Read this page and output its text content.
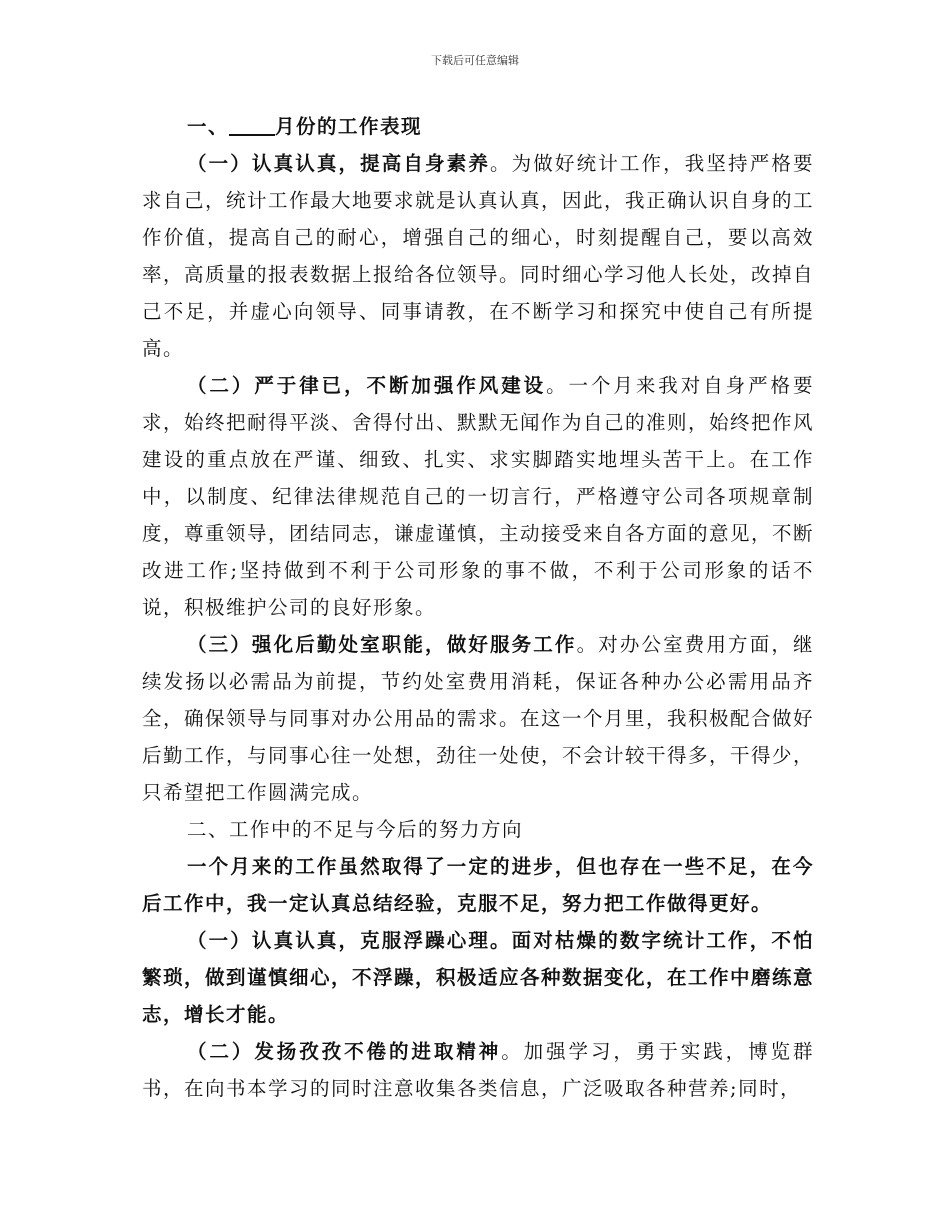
下载后可任意编辑

一、 月份的工作表现

（一）认真认真，提高自身素养。为做好统计工作，我坚持严格要求自己，统计工作最大地要求就是认真认真，因此，我正确认识自身的工作价值，提高自己的耐心，增强自己的细心，时刻提醒自己，要以高效率，高质量的报表数据上报给各位领导。同时细心学习他人长处，改掉自己不足，并虚心向领导、同事请教，在不断学习和探究中使自己有所提高。

（二）严于律已，不断加强作风建设。一个月来我对自身严格要求，始终把耐得平淡、舍得付出、默默无闻作为自己的准则，始终把作风建设的重点放在严谨、细致、扎实、求实脚踏实地埋头苦干上。在工作中，以制度、纪律法律规范自己的一切言行，严格遵守公司各项规章制度，尊重领导，团结同志，谦虚谨慎，主动接受来自各方面的意见，不断改进工作;坚持做到不利于公司形象的事不做，不利于公司形象的话不说，积极维护公司的良好形象。

（三）强化后勤处室职能，做好服务工作。对办公室费用方面，继续发扬以必需品为前提，节约处室费用消耗，保证各种办公必需用品齐全，确保领导与同事对办公用品的需求。在这一个月里，我积极配合做好后勤工作，与同事心往一处想，劲往一处使，不会计较干得多，干得少，只希望把工作圆满完成。

二、工作中的不足与今后的努力方向

一个月来的工作虽然取得了一定的进步，但也存在一些不足，在今后工作中，我一定认真总结经验，克服不足，努力把工作做得更好。

（一）认真认真，克服浮躁心理。面对枯燥的数字统计工作，不怕繁琐，做到谨慎细心，不浮躁，积极适应各种数据变化，在工作中磨练意志，增长才能。

（二）发扬孜孜不倦的进取精神。加强学习，勇于实践，博览群书，在向书本学习的同时注意收集各类信息，广泛吸取各种营养;同时，
